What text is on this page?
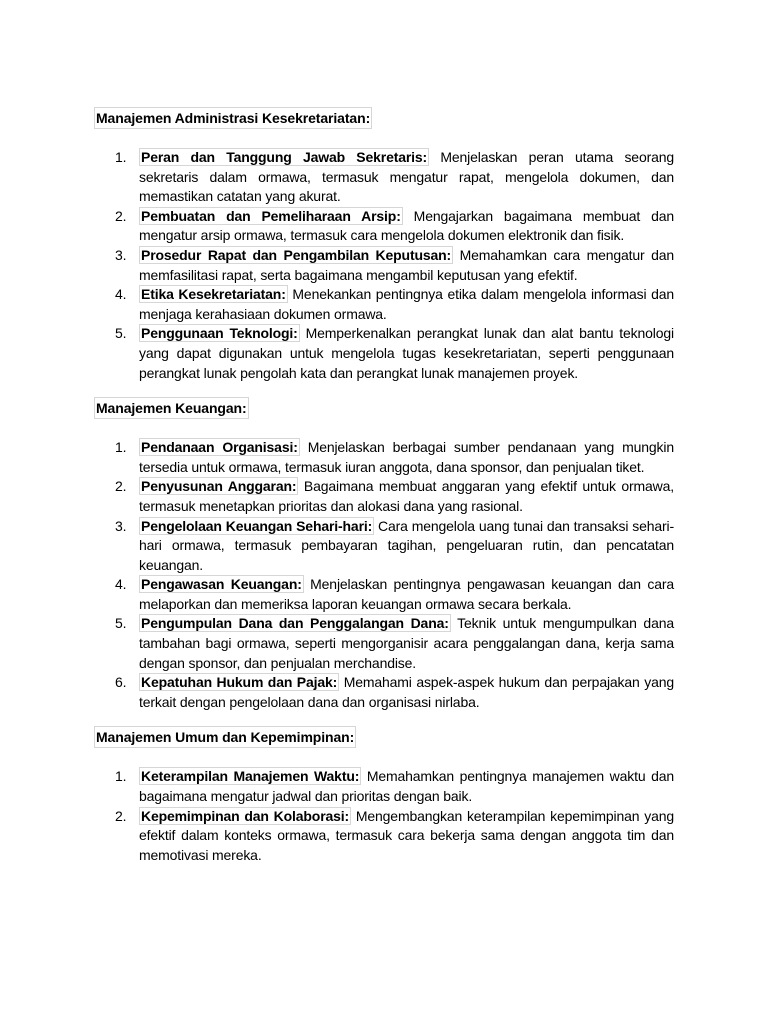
Manajemen Administrasi Kesekretariatan:
1.	Peran dan Tanggung Jawab Sekretaris: Menjelaskan peran utama seorang sekretaris dalam ormawa, termasuk mengatur rapat, mengelola dokumen, dan memastikan catatan yang akurat.
2.	Pembuatan dan Pemeliharaan Arsip: Mengajarkan bagaimana membuat dan mengatur arsip ormawa, termasuk cara mengelola dokumen elektronik dan fisik.
3.	Prosedur Rapat dan Pengambilan Keputusan: Memahamkan cara mengatur dan memfasilitasi rapat, serta bagaimana mengambil keputusan yang efektif.
4.	Etika Kesekretariatan: Menekankan pentingnya etika dalam mengelola informasi dan menjaga kerahasiaan dokumen ormawa.
5.	Penggunaan Teknologi: Memperkenalkan perangkat lunak dan alat bantu teknologi yang dapat digunakan untuk mengelola tugas kesekretariatan, seperti penggunaan perangkat lunak pengolah kata dan perangkat lunak manajemen proyek.
Manajemen Keuangan:
1.	Pendanaan Organisasi: Menjelaskan berbagai sumber pendanaan yang mungkin tersedia untuk ormawa, termasuk iuran anggota, dana sponsor, dan penjualan tiket.
2.	Penyusunan Anggaran: Bagaimana membuat anggaran yang efektif untuk ormawa, termasuk menetapkan prioritas dan alokasi dana yang rasional.
3.	Pengelolaan Keuangan Sehari-hari: Cara mengelola uang tunai dan transaksi sehari-hari ormawa, termasuk pembayaran tagihan, pengeluaran rutin, dan pencatatan keuangan.
4.	Pengawasan Keuangan: Menjelaskan pentingnya pengawasan keuangan dan cara melaporkan dan memeriksa laporan keuangan ormawa secara berkala.
5.	Pengumpulan Dana dan Penggalangan Dana: Teknik untuk mengumpulkan dana tambahan bagi ormawa, seperti mengorganisir acara penggalangan dana, kerja sama dengan sponsor, dan penjualan merchandise.
6.	Kepatuhan Hukum dan Pajak: Memahami aspek-aspek hukum dan perpajakan yang terkait dengan pengelolaan dana dan organisasi nirlaba.
Manajemen Umum dan Kepemimpinan:
1.	Keterampilan Manajemen Waktu: Memahamkan pentingnya manajemen waktu dan bagaimana mengatur jadwal dan prioritas dengan baik.
2.	Kepemimpinan dan Kolaborasi: Mengembangkan keterampilan kepemimpinan yang efektif dalam konteks ormawa, termasuk cara bekerja sama dengan anggota tim dan memotivasi mereka.
